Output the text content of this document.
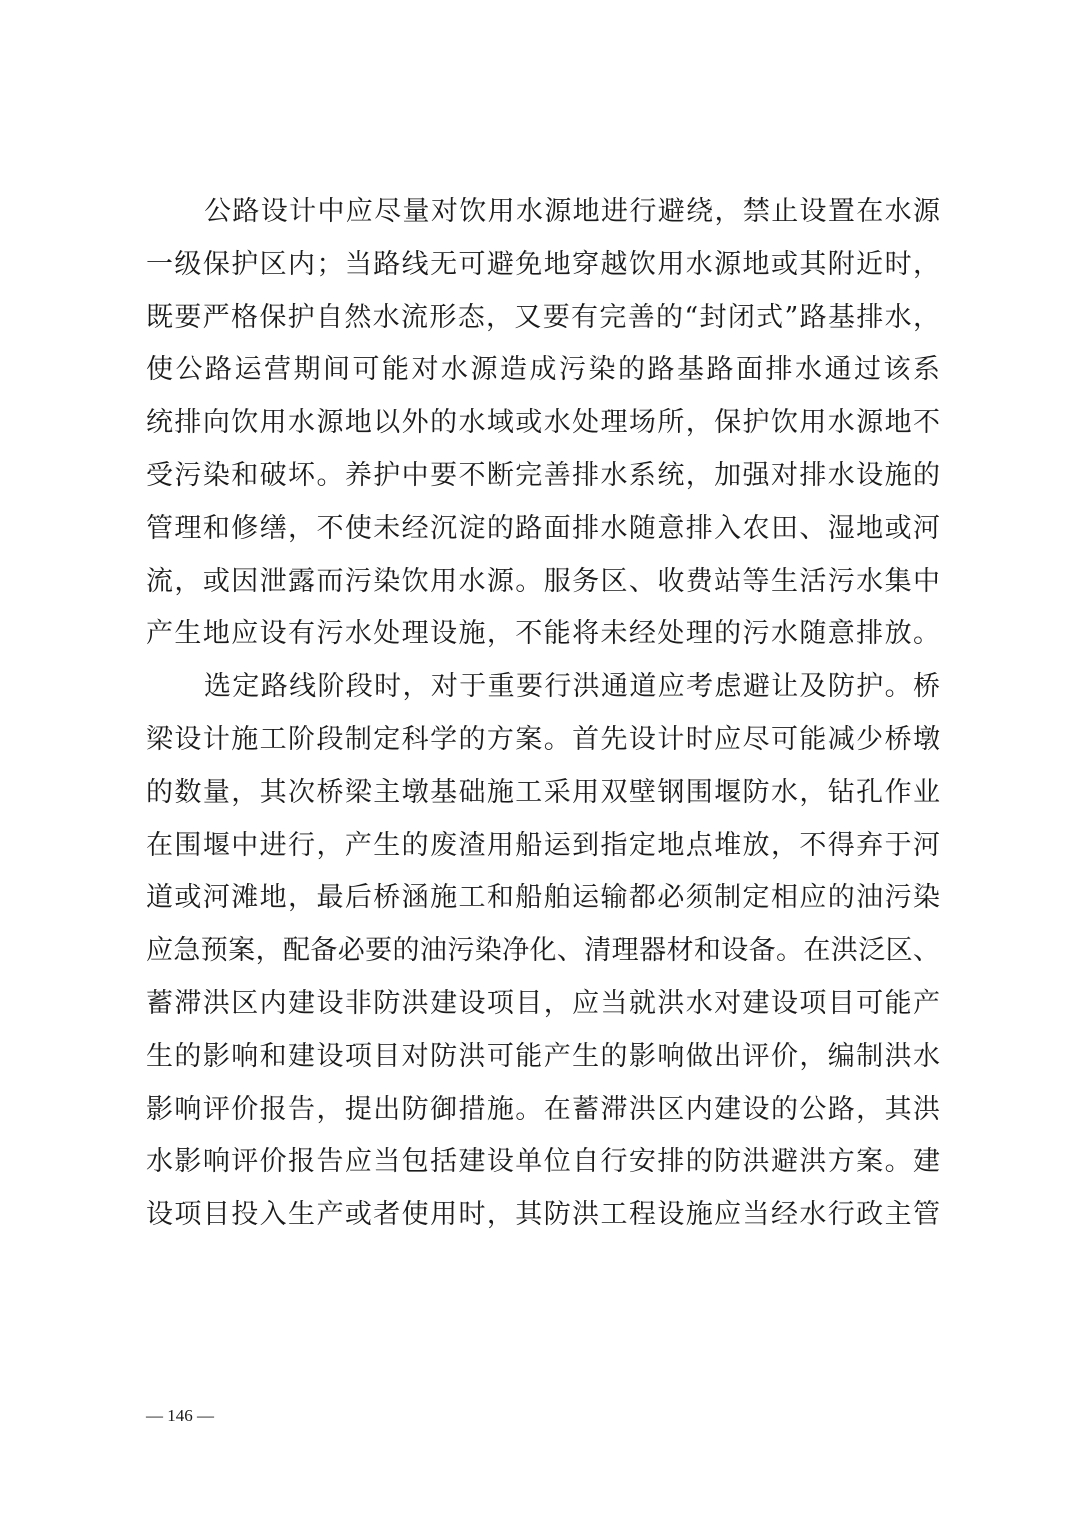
公路设计中应尽量对饮用水源地进行避绕，禁止设置在水源
一级保护区内；当路线无可避免地穿越饮用水源地或其附近时，
既要严格保护自然水流形态，又要有完善的“封闭式”路基排水，
使公路运营期间可能对水源造成污染的路基路面排水通过该系
统排向饮用水源地以外的水域或水处理场所，保护饮用水源地不
受污染和破坏。养护中要不断完善排水系统，加强对排水设施的
管理和修缮，不使未经沉淀的路面排水随意排入农田、湿地或河
流，或因泄露而污染饮用水源。服务区、收费站等生活污水集中
产生地应设有污水处理设施，不能将未经处理的污水随意排放。
选定路线阶段时，对于重要行洪通道应考虑避让及防护。桥
梁设计施工阶段制定科学的方案。首先设计时应尽可能减少桥墩
的数量，其次桥梁主墩基础施工采用双壁钢围堰防水，钻孔作业
在围堰中进行，产生的废渣用船运到指定地点堆放，不得弃于河
道或河滩地，最后桥涵施工和船舶运输都必须制定相应的油污染
应急预案，配备必要的油污染净化、清理器材和设备。在洪泛区、
蓄滞洪区内建设非防洪建设项目，应当就洪水对建设项目可能产
生的影响和建设项目对防洪可能产生的影响做出评价，编制洪水
影响评价报告，提出防御措施。在蓄滞洪区内建设的公路，其洪
水影响评价报告应当包括建设单位自行安排的防洪避洪方案。建
设项目投入生产或者使用时，其防洪工程设施应当经水行政主管
— 146 —
